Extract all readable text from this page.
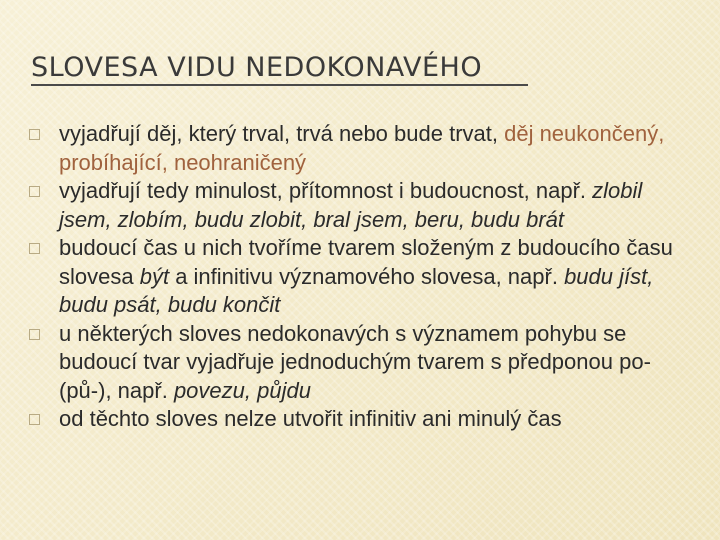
SLOVESA VIDU NEDOKONAVÉHO
vyjadřují děj, který trval, trvá nebo bude trvat, děj neukončený, probíhající, neohraničený
vyjadřují tedy minulost, přítomnost i budoucnost, např. zlobil jsem, zlobím, budu zlobit, bral jsem, beru, budu brát
budoucí čas u nich tvoříme tvarem složeným z budoucího času slovesa být a infinitivu významového slovesa, např. budu jíst, budu psát, budu končit
u některých sloves nedokonavých s významem pohybu se budoucí tvar vyjadřuje jednoduchým tvarem s předponou po- (pů-), např. povezu, půjdu
od těchto sloves nelze utvořit infinitiv ani minulý čas
